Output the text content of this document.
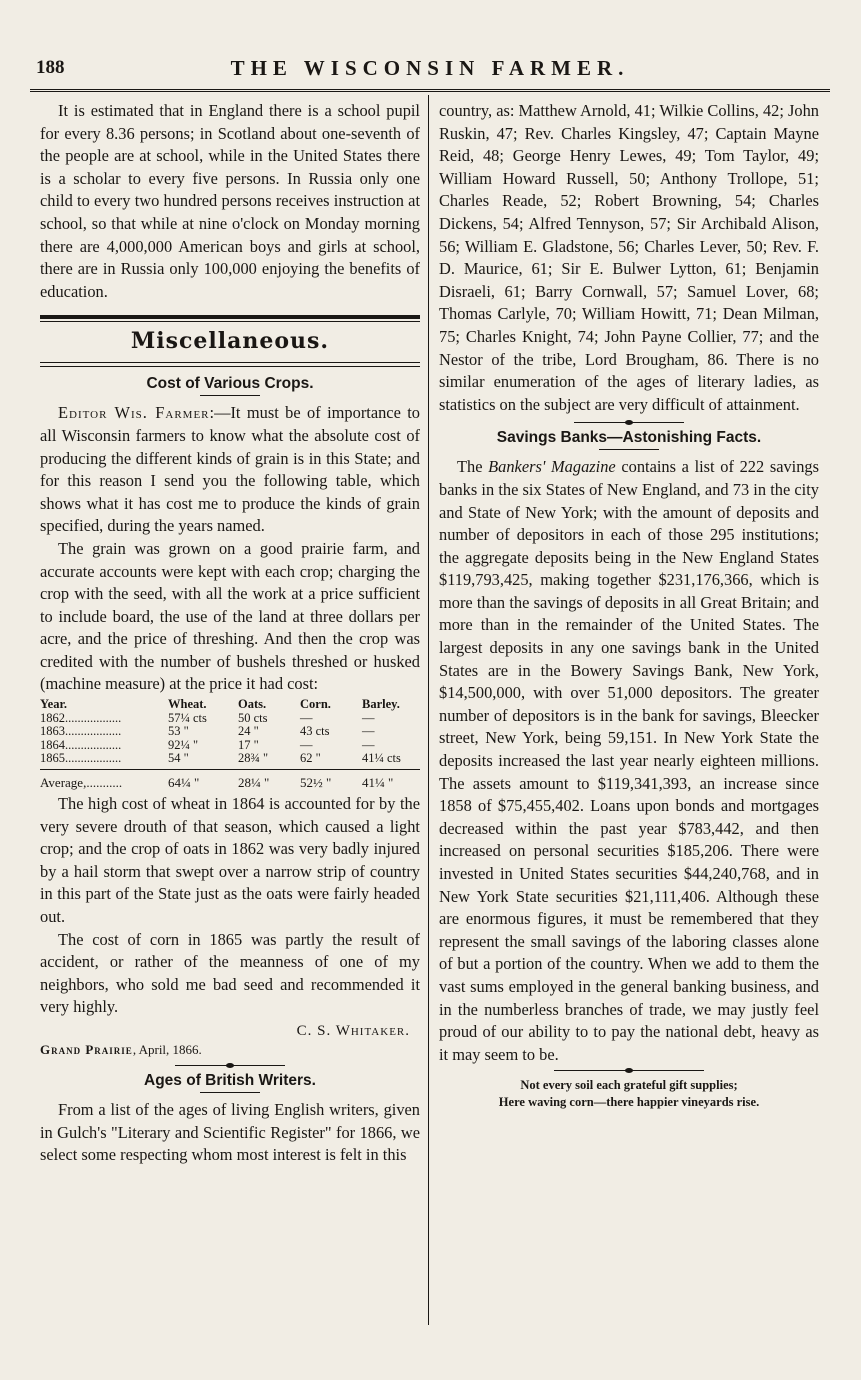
188	THE WISCONSIN FARMER.

It is estimated that in England there is a school pupil for every 8.36 persons; in Scotland about one-seventh of the people are at school, while in the United States there is a scholar to every five persons. In Russia only one child to every two hundred persons receives instruction at school, so that while at nine o'clock on Monday morning there are 4,000,000 American boys and girls at school, there are in Russia only 100,000 enjoying the benefits of education.

Miscellaneous.
Cost of Various Crops.

Editor Wis. Farmer:—It must be of importance to all Wisconsin farmers to know what the absolute cost of producing the different kinds of grain is in this State; and for this reason I send you the following table, which shows what it has cost me to produce the kinds of grain specified, during the years named.

The grain was grown on a good prairie farm, and accurate accounts were kept with each crop; charging the crop with the seed, with all the work at a price sufficient to include board, the use of the land at three dollars per acre, and the price of threshing. And then the crop was credited with the number of bushels threshed or husked (machine measure) at the price it had cost:

Year.	Wheat.	Oats.	Corn.	Barley.
1862..................	57¼ cts	50 cts	—	—
1863..................	53 "	24 "	43 cts	—
1864..................	92¼ "	17 "	—	—
1865..................	54 "	28¾ "	62 "	41¼ cts

Average,...........	64¼ "	28¼ "	52½ "	41¼ "

The high cost of wheat in 1864 is accounted for by the very severe drouth of that season, which caused a light crop; and the crop of oats in 1862 was very badly injured by a hail storm that swept over a narrow strip of country in this part of the State just as the oats were fairly headed out.

The cost of corn in 1865 was partly the result of accident, or rather of the meanness of one of my neighbors, who sold me bad seed and recommended it very highly.

C. S. Whitaker.

Grand Prairie, April, 1866.

Ages of British Writers.

From a list of the ages of living English writers, given in Gulch's "Literary and Scientific Register" for 1866, we select some respecting whom most interest is felt in this

country, as: Matthew Arnold, 41; Wilkie Collins, 42; John Ruskin, 47; Rev. Charles Kingsley, 47; Captain Mayne Reid, 48; George Henry Lewes, 49; Tom Taylor, 49; William Howard Russell, 50; Anthony Trollope, 51; Charles Reade, 52; Robert Browning, 54; Charles Dickens, 54; Alfred Tennyson, 57; Sir Archibald Alison, 56; William E. Gladstone, 56; Charles Lever, 50; Rev. F. D. Maurice, 61; Sir E. Bulwer Lytton, 61; Benjamin Disraeli, 61; Barry Cornwall, 57; Samuel Lover, 68; Thomas Carlyle, 70; William Howitt, 71; Dean Milman, 75; Charles Knight, 74; John Payne Collier, 77; and the Nestor of the tribe, Lord Brougham, 86. There is no similar enumeration of the ages of literary ladies, as statistics on the subject are very difficult of attainment.

Savings Banks—Astonishing Facts.

The Bankers' Magazine contains a list of 222 savings banks in the six States of New England, and 73 in the city and State of New York; with the amount of deposits and number of depositors in each of those 295 institutions; the aggregate deposits being in the New England States $119,793,425, making together $231,176,366, which is more than the savings of deposits in all Great Britain; and more than in the remainder of the United States. The largest deposits in any one savings bank in the United States are in the Bowery Savings Bank, New York, $14,500,000, with over 51,000 depositors. The greater number of depositors is in the bank for savings, Bleecker street, New York, being 59,151. In New York State the deposits increased the last year nearly eighteen millions. The assets amount to $119,341,393, an increase since 1858 of $75,455,402. Loans upon bonds and mortgages decreased within the past year $783,442, and then increased on personal securities $185,206. There were invested in United States securities $44,240,768, and in New York State securities $21,111,406. Although these are enormous figures, it must be remembered that they represent the small savings of the laboring classes alone of but a portion of the country. When we add to them the vast sums employed in the general banking business, and in the numberless branches of trade, we may justly feel proud of our ability to to pay the national debt, heavy as it may seem to be.

Not every soil each grateful gift supplies;

Here waving corn—there happier vineyards rise.
